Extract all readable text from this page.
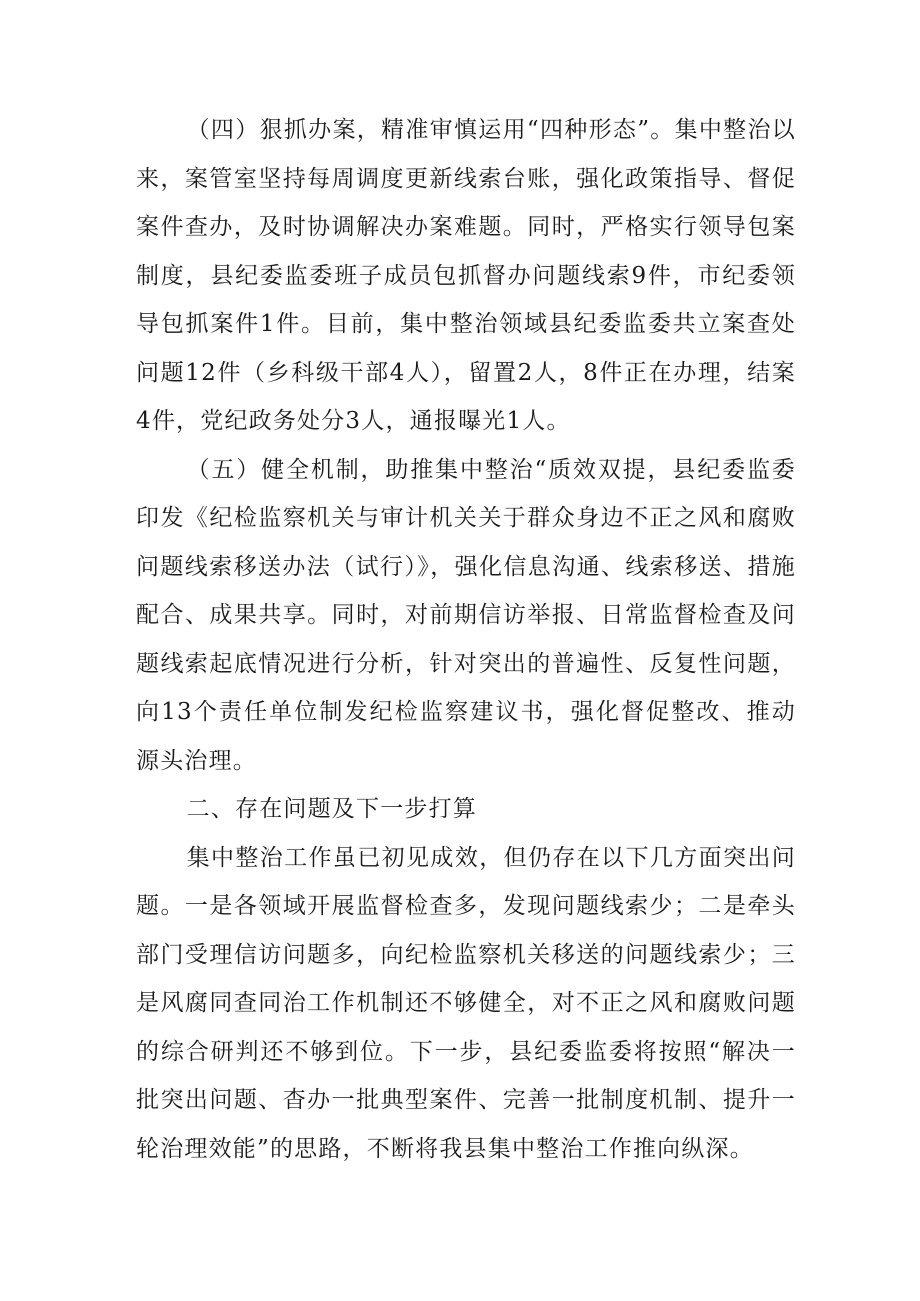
（四）狠抓办案，精准审慎运用“四种形态”。集中整治以来，案管室坚持每周调度更新线索台账，强化政策指导、督促案件查办，及时协调解决办案难题。同时，严格实行领导包案制度，县纪委监委班子成员包抓督办问题线索9件，市纪委领导包抓案件1件。目前，集中整治领域县纪委监委共立案查处问题12件（乡科级干部4人），留置2人，8件正在办理，结案4件，党纪政务处分3人，通报曝光1人。

（五）健全机制，助推集中整治“质效双提，县纪委监委印发《纪检监察机关与审计机关关于群众身边不正之风和腐败问题线索移送办法（试行）》，强化信息沟通、线索移送、措施配合、成果共享。同时，对前期信访举报、日常监督检查及问题线索起底情况进行分析，针对突出的普遍性、反复性问题，向13个责任单位制发纪检监察建议书，强化督促整改、推动源头治理。

二、存在问题及下一步打算

集中整治工作虽已初见成效，但仍存在以下几方面突出问题。一是各领域开展监督检查多，发现问题线索少；二是牵头部门受理信访问题多，向纪检监察机关移送的问题线索少；三是风腐同查同治工作机制还不够健全，对不正之风和腐败问题的综合研判还不够到位。下一步，县纪委监委将按照“解决一批突出问题、杳办一批典型案件、完善一批制度机制、提升一轮治理效能”的思路，不断将我县集中整治工作推向纵深。
